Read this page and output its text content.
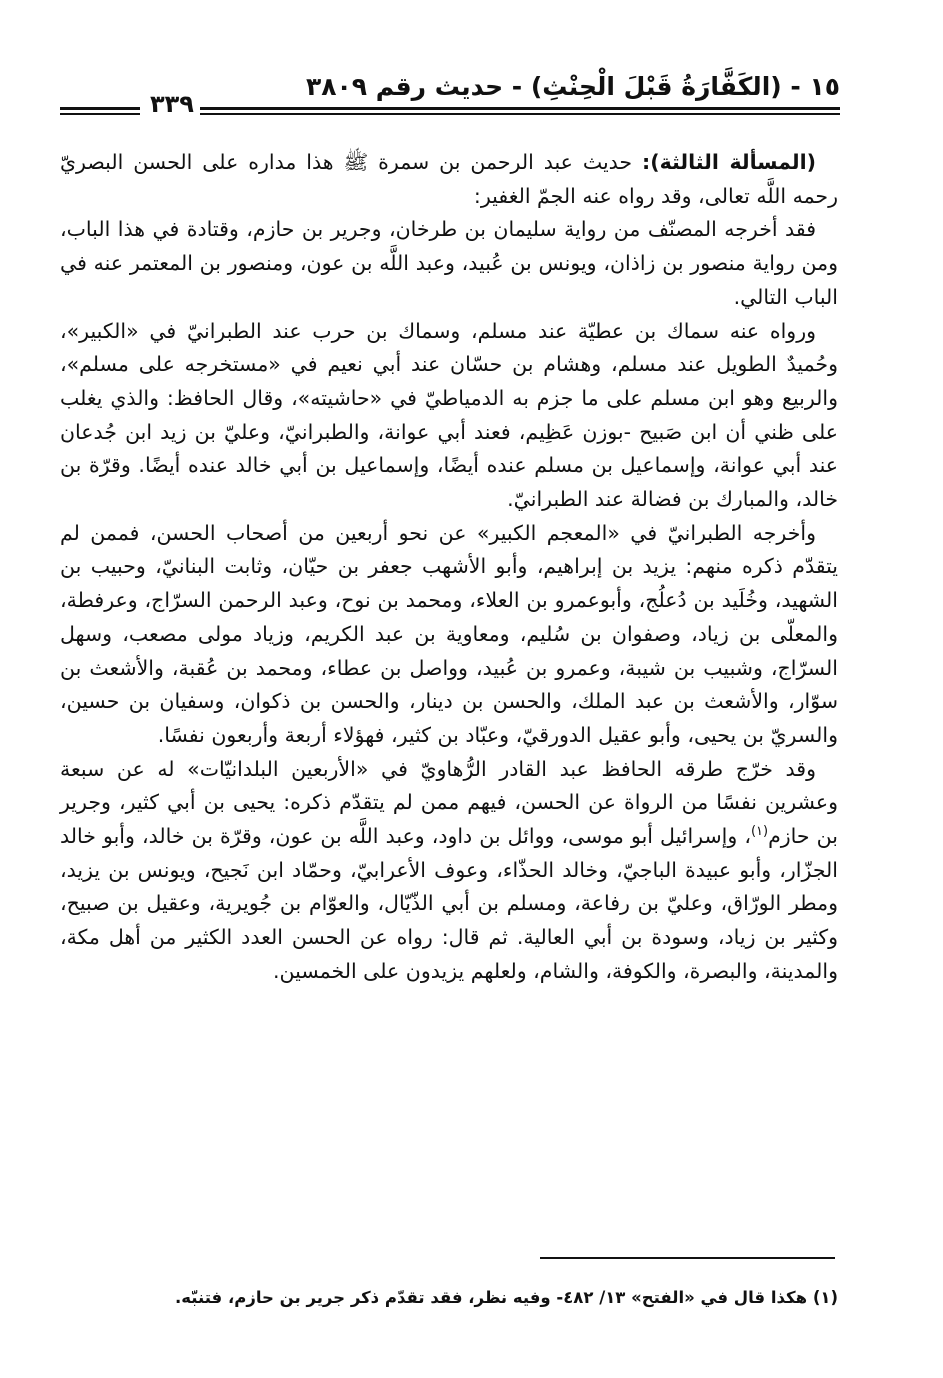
١٥ - (الكَفَّارَةُ قَبْلَ الْحِنْثِ) - حديث رقم ٣٨٠٩
٣٣٩

(المسألة الثالثة): حديث عبد الرحمن بن سمرة ﷺ هذا مداره على الحسن البصريّ رحمه اللَّه تعالى، وقد رواه عنه الجمّ الغفير:

فقد أخرجه المصنّف من رواية سليمان بن طرخان، وجرير بن حازم، وقتادة في هذا الباب، ومن رواية منصور بن زاذان، ويونس بن عُبيد، وعبد اللَّه بن عون، ومنصور بن المعتمر عنه في الباب التالي.

ورواه عنه سماك بن عطيّة عند مسلم، وسماك بن حرب عند الطبرانيّ في «الكبير»، وحُميدٌ الطويل عند مسلم، وهشام بن حسّان عند أبي نعيم في «مستخرجه على مسلم»، والربيع وهو ابن مسلم على ما جزم به الدمياطيّ في «حاشيته»، وقال الحافظ: والذي يغلب على ظني أن ابن صَبيح -بوزن عَظِيم، فعند أبي عوانة، والطبرانيّ، وعليّ بن زيد ابن جُدعان عند أبي عوانة، وإسماعيل بن مسلم عنده أيضًا، وإسماعيل بن أبي خالد عنده أيضًا. وقرّة بن خالد، والمبارك بن فضالة عند الطبرانيّ.

وأخرجه الطبرانيّ في «المعجم الكبير» عن نحو أربعين من أصحاب الحسن، فممن لم يتقدّم ذكره منهم: يزيد بن إبراهيم، وأبو الأشهب جعفر بن حيّان، وثابت البنانيّ، وحبيب بن الشهيد، وخُلَيد بن دُعلُج، وأبوعمرو بن العلاء، ومحمد بن نوح، وعبد الرحمن السرّاج، وعرفطة، والمعلّى بن زياد، وصفوان بن سُليم، ومعاوية بن عبد الكريم، وزياد مولى مصعب، وسهل السرّاج، وشبيب بن شيبة، وعمرو بن عُبيد، وواصل بن عطاء، ومحمد بن عُقبة، والأشعث بن سوّار، والأشعث بن عبد الملك، والحسن بن دينار، والحسن بن ذكوان، وسفيان بن حسين، والسريّ بن يحيى، وأبو عقيل الدورقيّ، وعبّاد بن كثير، فهؤلاء أربعة وأربعون نفسًا.

وقد خرّج طرقه الحافظ عبد القادر الرُّهاويّ في «الأربعين البلدانيّات» له عن سبعة وعشرين نفسًا من الرواة عن الحسن، فيهم ممن لم يتقدّم ذكره: يحيى بن أبي كثير، وجرير بن حازم$^{(١)}$، وإسرائيل أبو موسى، ووائل بن داود، وعبد اللَّه بن عون، وقرّة بن خالد، وأبو خالد الجزّار، وأبو عبيدة الباجيّ، وخالد الحذّاء، وعوف الأعرابيّ، وحمّاد ابن نَجيح، ويونس بن يزيد، ومطر الورّاق، وعليّ بن رفاعة، ومسلم بن أبي الذّيّال، والعوّام بن جُويرية، وعقيل بن صبيح، وكثير بن زياد، وسودة بن أبي العالية. ثم قال: رواه عن الحسن العدد الكثير من أهل مكة، والمدينة، والبصرة، والكوفة، والشام، ولعلهم يزيدون على الخمسين.

(١) هكذا قال في «الفتح» ١٣/ ٤٨٢- وفيه نظر، فقد تقدّم ذكر جرير بن حازم، فتنبّه.
